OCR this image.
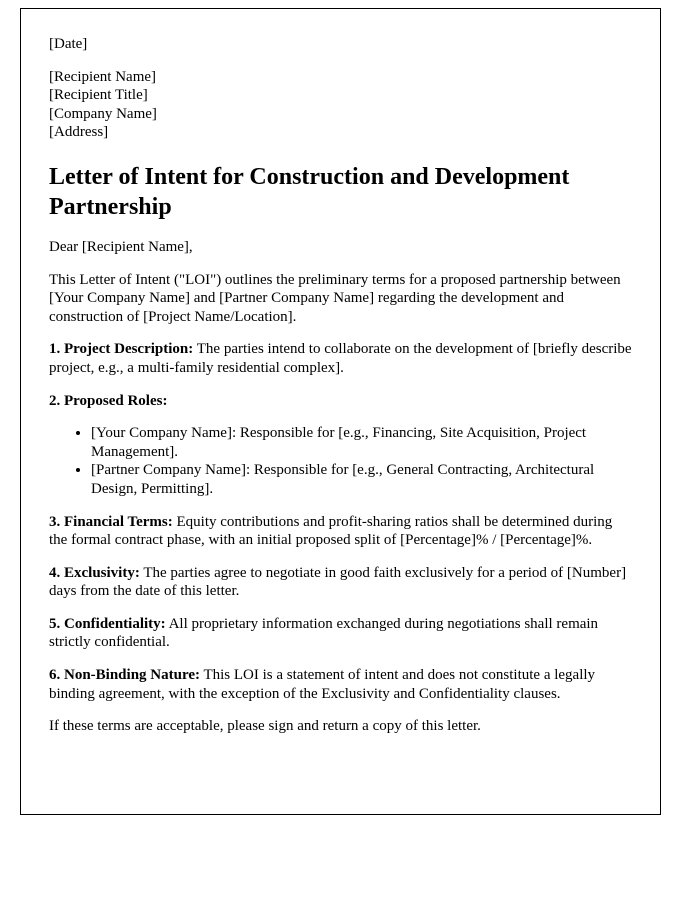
[Date]

[Recipient Name]
[Recipient Title]
[Company Name]
[Address]
Letter of Intent for Construction and Development Partnership

Dear [Recipient Name],

This Letter of Intent ("LOI") outlines the preliminary terms for a proposed partnership between [Your Company Name] and [Partner Company Name] regarding the development and construction of [Project Name/Location].

1. Project Description: The parties intend to collaborate on the development of [briefly describe project, e.g., a multi-family residential complex].

2. Proposed Roles:

• [Your Company Name]: Responsible for [e.g., Financing, Site Acquisition, Project Management].
• [Partner Company Name]: Responsible for [e.g., General Contracting, Architectural Design, Permitting].

3. Financial Terms: Equity contributions and profit-sharing ratios shall be determined during the formal contract phase, with an initial proposed split of [Percentage]% / [Percentage]%.

4. Exclusivity: The parties agree to negotiate in good faith exclusively for a period of [Number] days from the date of this letter.

5. Confidentiality: All proprietary information exchanged during negotiations shall remain strictly confidential.

6. Non-Binding Nature: This LOI is a statement of intent and does not constitute a legally binding agreement, with the exception of the Exclusivity and Confidentiality clauses.

If these terms are acceptable, please sign and return a copy of this letter.
